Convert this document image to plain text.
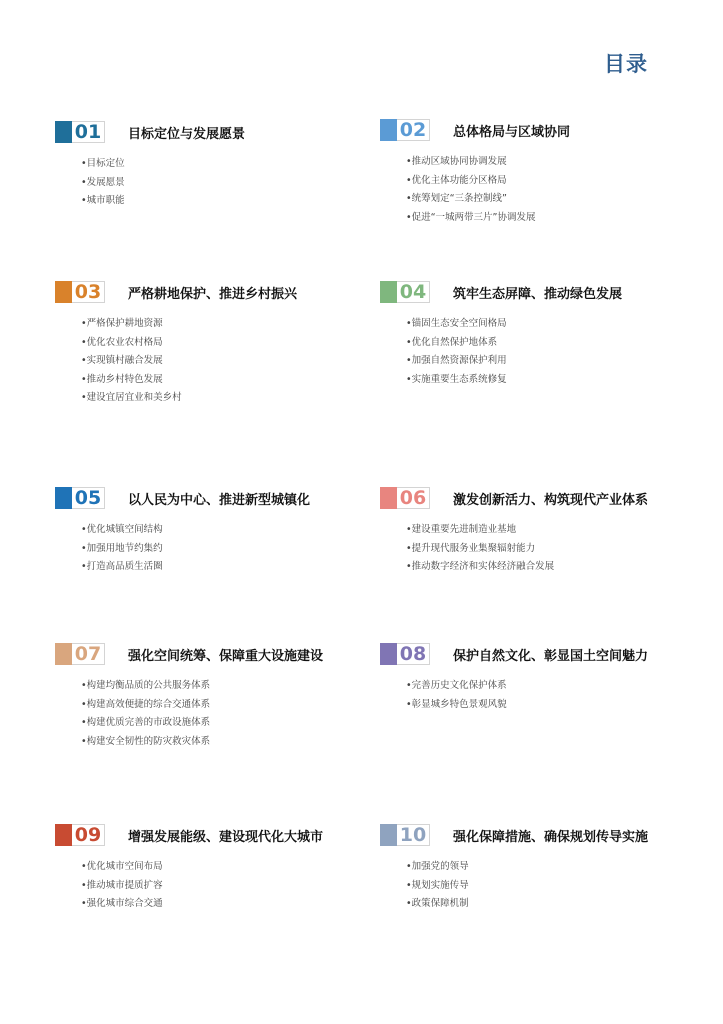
目录
01 目标定位与发展愿景
•目标定位
•发展愿景
•城市职能
02 总体格局与区域协同
•推动区域协同协调发展
•优化主体功能分区格局
•统筹划定“三条控制线”
•促进“一城两带三片”协调发展
03 严格耕地保护、推进乡村振兴
•严格保护耕地资源
•优化农业农村格局
•实现镇村融合发展
•推动乡村特色发展
•建设宜居宜业和美乡村
04 筑牢生态屏障、推动绿色发展
•锚固生态安全空间格局
•优化自然保护地体系
•加强自然资源保护利用
•实施重要生态系统修复
05 以人民为中心、推进新型城镇化
•优化城镇空间结构
•加强用地节约集约
•打造高品质生活圈
06 激发创新活力、构筑现代产业体系
•建设重要先进制造业基地
•提升现代服务业集聚辐射能力
•推动数字经济和实体经济融合发展
07 强化空间统筹、保障重大设施建设
•构建均衡品质的公共服务体系
•构建高效便捷的综合交通体系
•构建优质完善的市政设施体系
•构建安全韧性的防灾救灾体系
08 保护自然文化、彰显国土空间魅力
•完善历史文化保护体系
•彰显城乡特色景观风貌
09 增强发展能级、建设现代化大城市
•优化城市空间布局
•推动城市提质扩容
•强化城市综合交通
10 强化保障措施、确保规划传导实施
•加强党的领导
•规划实施传导
•政策保障机制
